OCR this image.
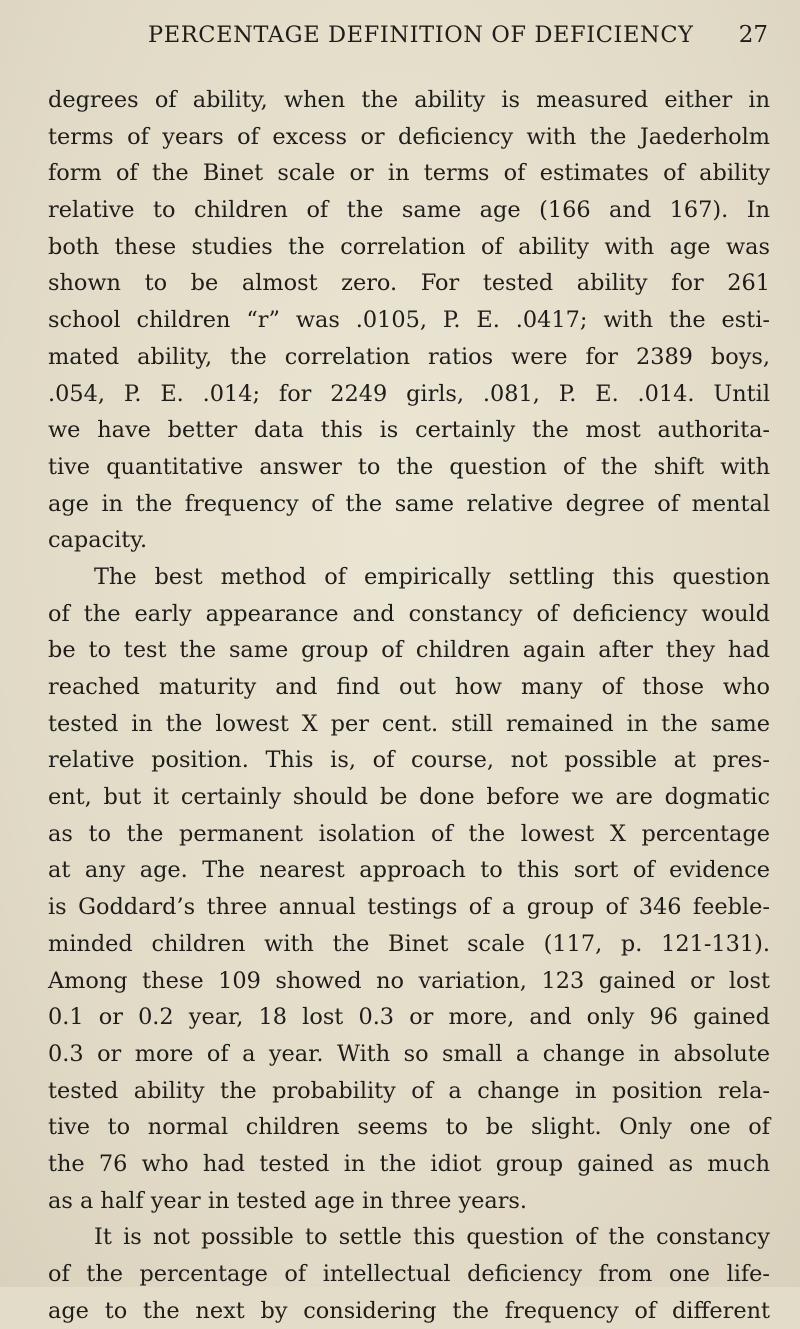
PERCENTAGE DEFINITION OF DEFICIENCY 27
degrees of ability, when the ability is measured either in
terms of years of excess or deficiency with the Jaederholm
form of the Binet scale or in terms of estimates of ability
relative to children of the same age (166 and 167). In
both these studies the correlation of ability with age was
shown to be almost zero. For tested ability for 261
school children “r” was .0105, P. E. .0417; with the esti-
mated ability, the correlation ratios were for 2389 boys,
.054, P. E. .014; for 2249 girls, .081, P. E. .014. Until
we have better data this is certainly the most authorita-
tive quantitative answer to the question of the shift with
age in the frequency of the same relative degree of mental
capacity.
The best method of empirically settling this question
of the early appearance and constancy of deficiency would
be to test the same group of children again after they had
reached maturity and find out how many of those who
tested in the lowest X per cent. still remained in the same
relative position. This is, of course, not possible at pres-
ent, but it certainly should be done before we are dogmatic
as to the permanent isolation of the lowest X percentage
at any age. The nearest approach to this sort of evidence
is Goddard’s three annual testings of a group of 346 feeble-
minded children with the Binet scale (117, p. 121-131).
Among these 109 showed no variation, 123 gained or lost
0.1 or 0.2 year, 18 lost 0.3 or more, and only 96 gained
0.3 or more of a year. With so small a change in absolute
tested ability the probability of a change in position rela-
tive to normal children seems to be slight. Only one of
the 76 who had tested in the idiot group gained as much
as a half year in tested age in three years.
It is not possible to settle this question of the constancy
of the percentage of intellectual deficiency from one life-
age to the next by considering the frequency of different
